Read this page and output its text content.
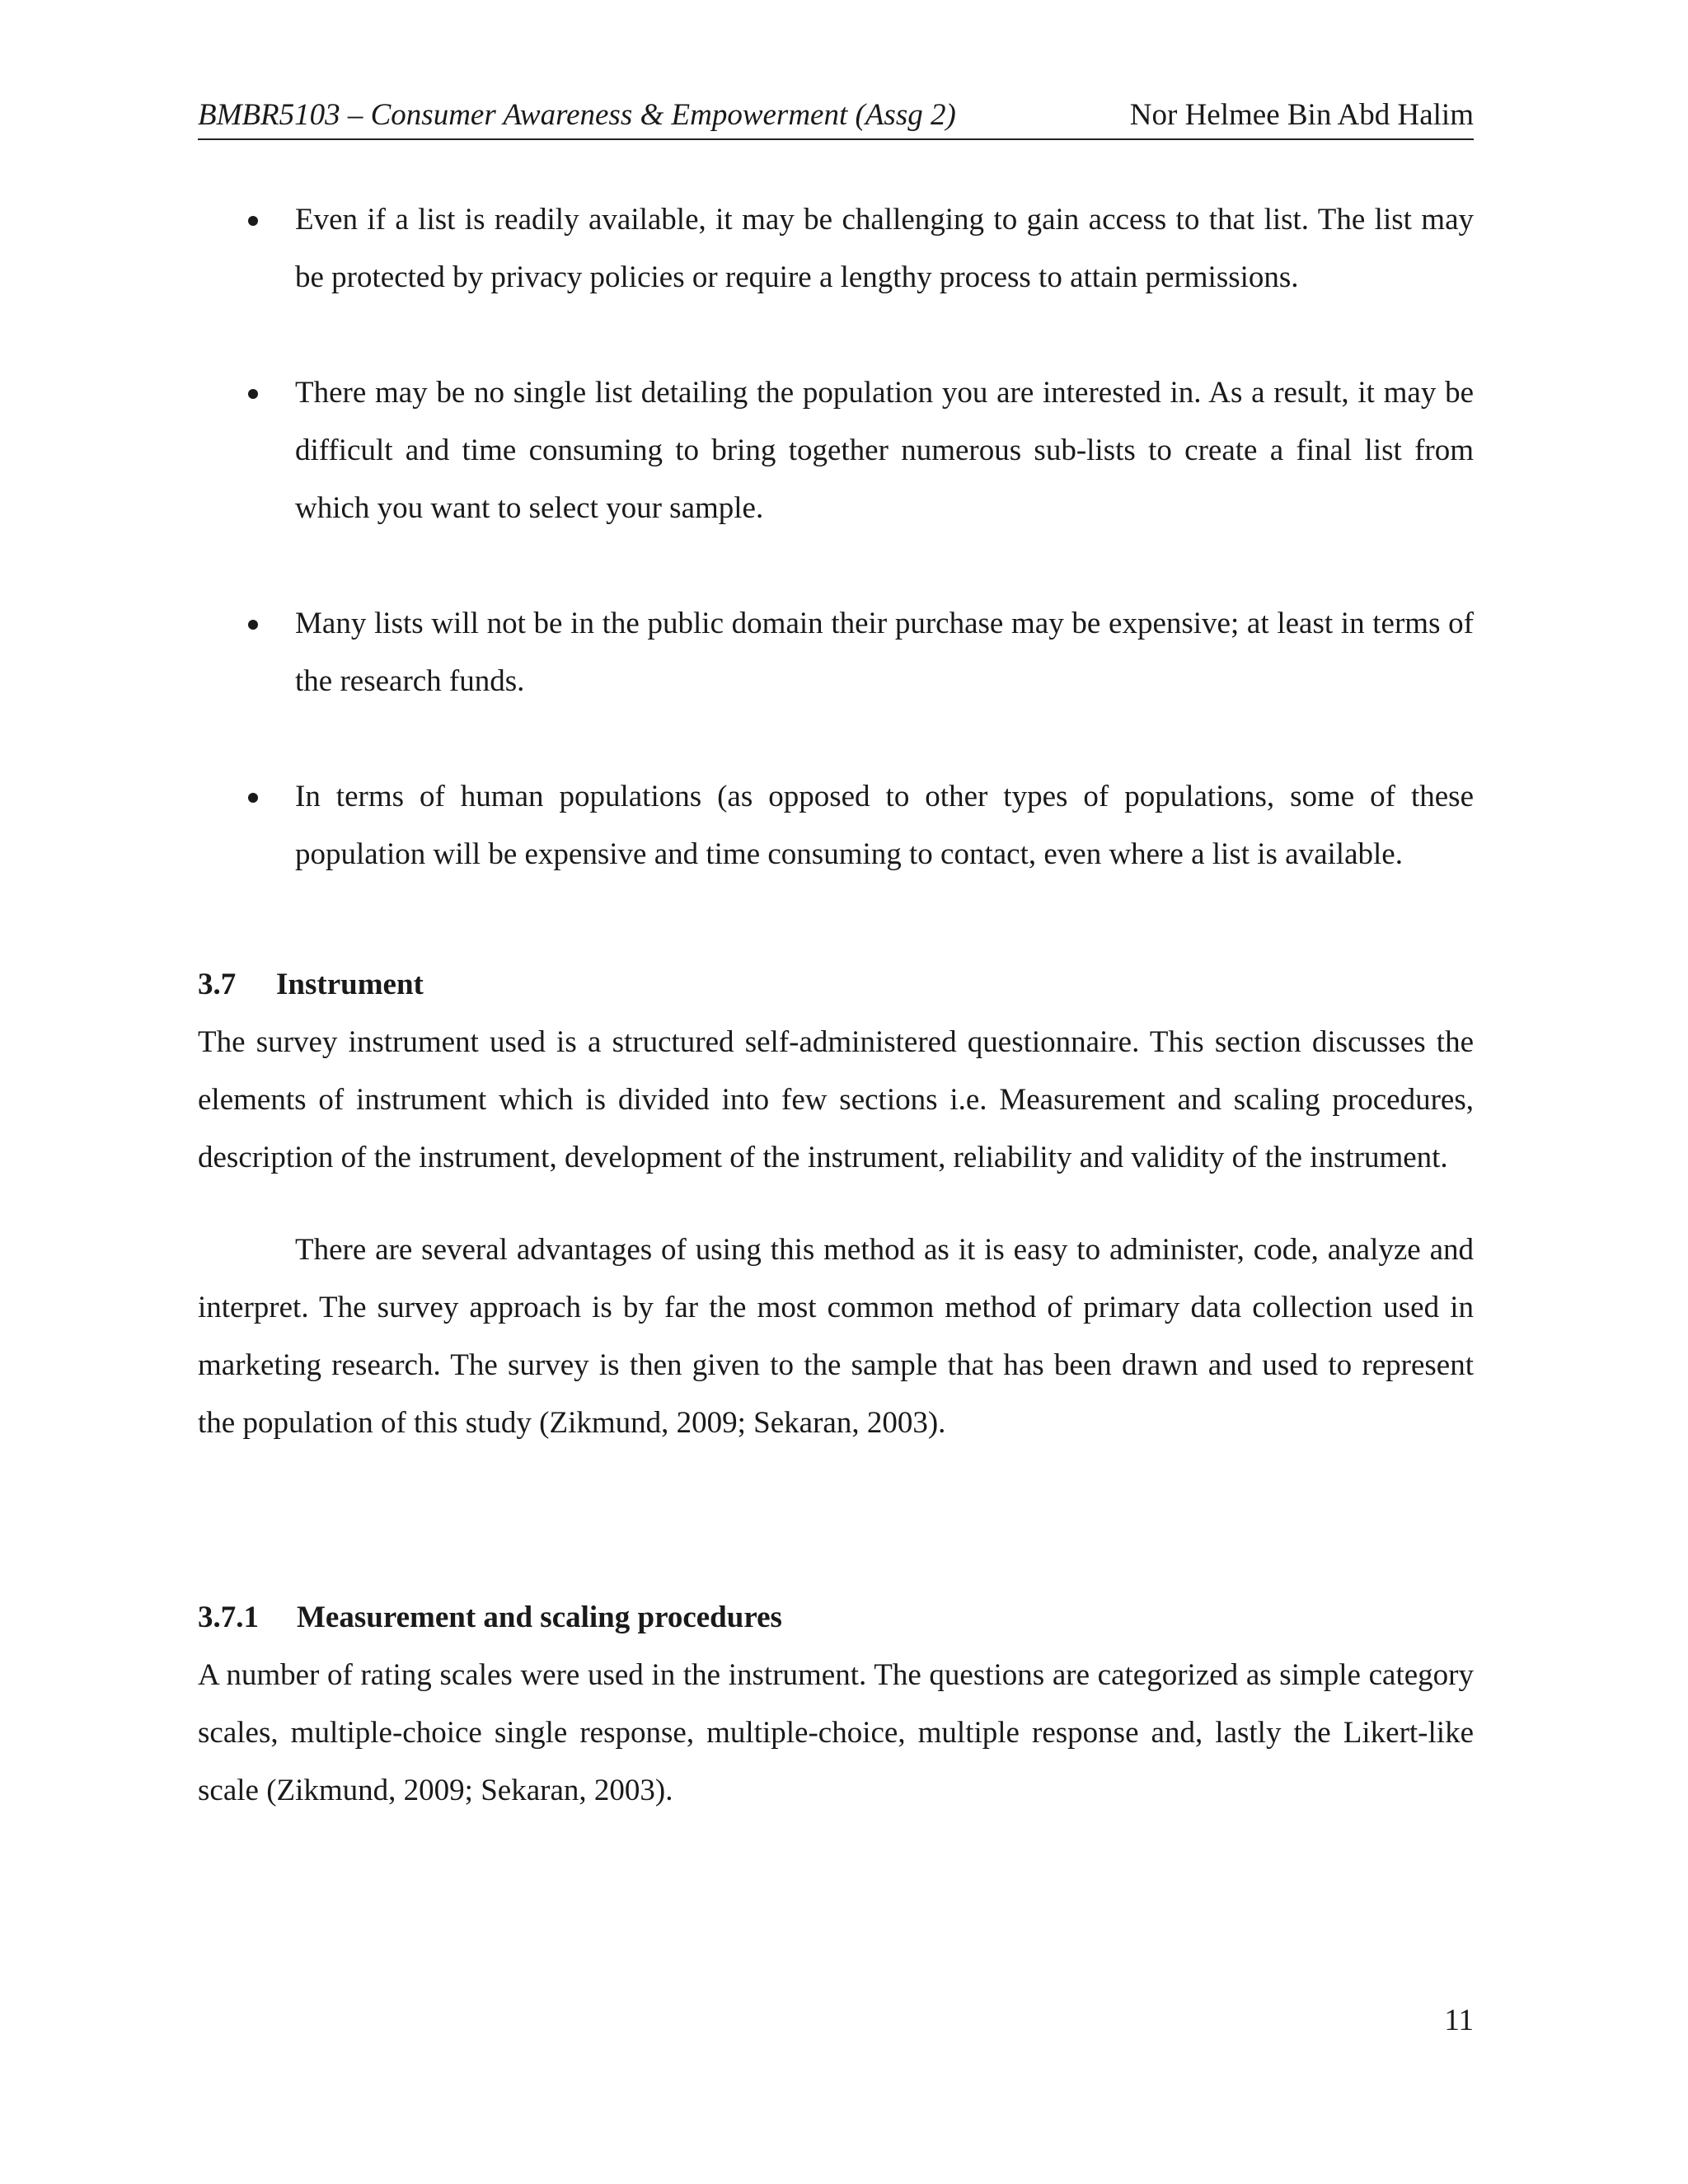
BMBR5103 – Consumer Awareness & Empowerment (Assg 2)	Nor Helmee Bin Abd Halim
Even if a list is readily available, it may be challenging to gain access to that list. The list may be protected by privacy policies or require a lengthy process to attain permissions.
There may be no single list detailing the population you are interested in. As a result, it may be difficult and time consuming to bring together numerous sub-lists to create a final list from which you want to select your sample.
Many lists will not be in the public domain their purchase may be expensive; at least in terms of the research funds.
In terms of human populations (as opposed to other types of populations, some of these population will be expensive and time consuming to contact, even where a list is available.
3.7 Instrument
The survey instrument used is a structured self-administered questionnaire. This section discusses the elements of instrument which is divided into few sections i.e. Measurement and scaling procedures, description of the instrument, development of the instrument, reliability and validity of the instrument.
There are several advantages of using this method as it is easy to administer, code, analyze and interpret. The survey approach is by far the most common method of primary data collection used in marketing research. The survey is then given to the sample that has been drawn and used to represent the population of this study (Zikmund, 2009; Sekaran, 2003).
3.7.1 Measurement and scaling procedures
A number of rating scales were used in the instrument. The questions are categorized as simple category scales, multiple-choice single response, multiple-choice, multiple response and, lastly the Likert-like scale (Zikmund, 2009; Sekaran, 2003).
11
